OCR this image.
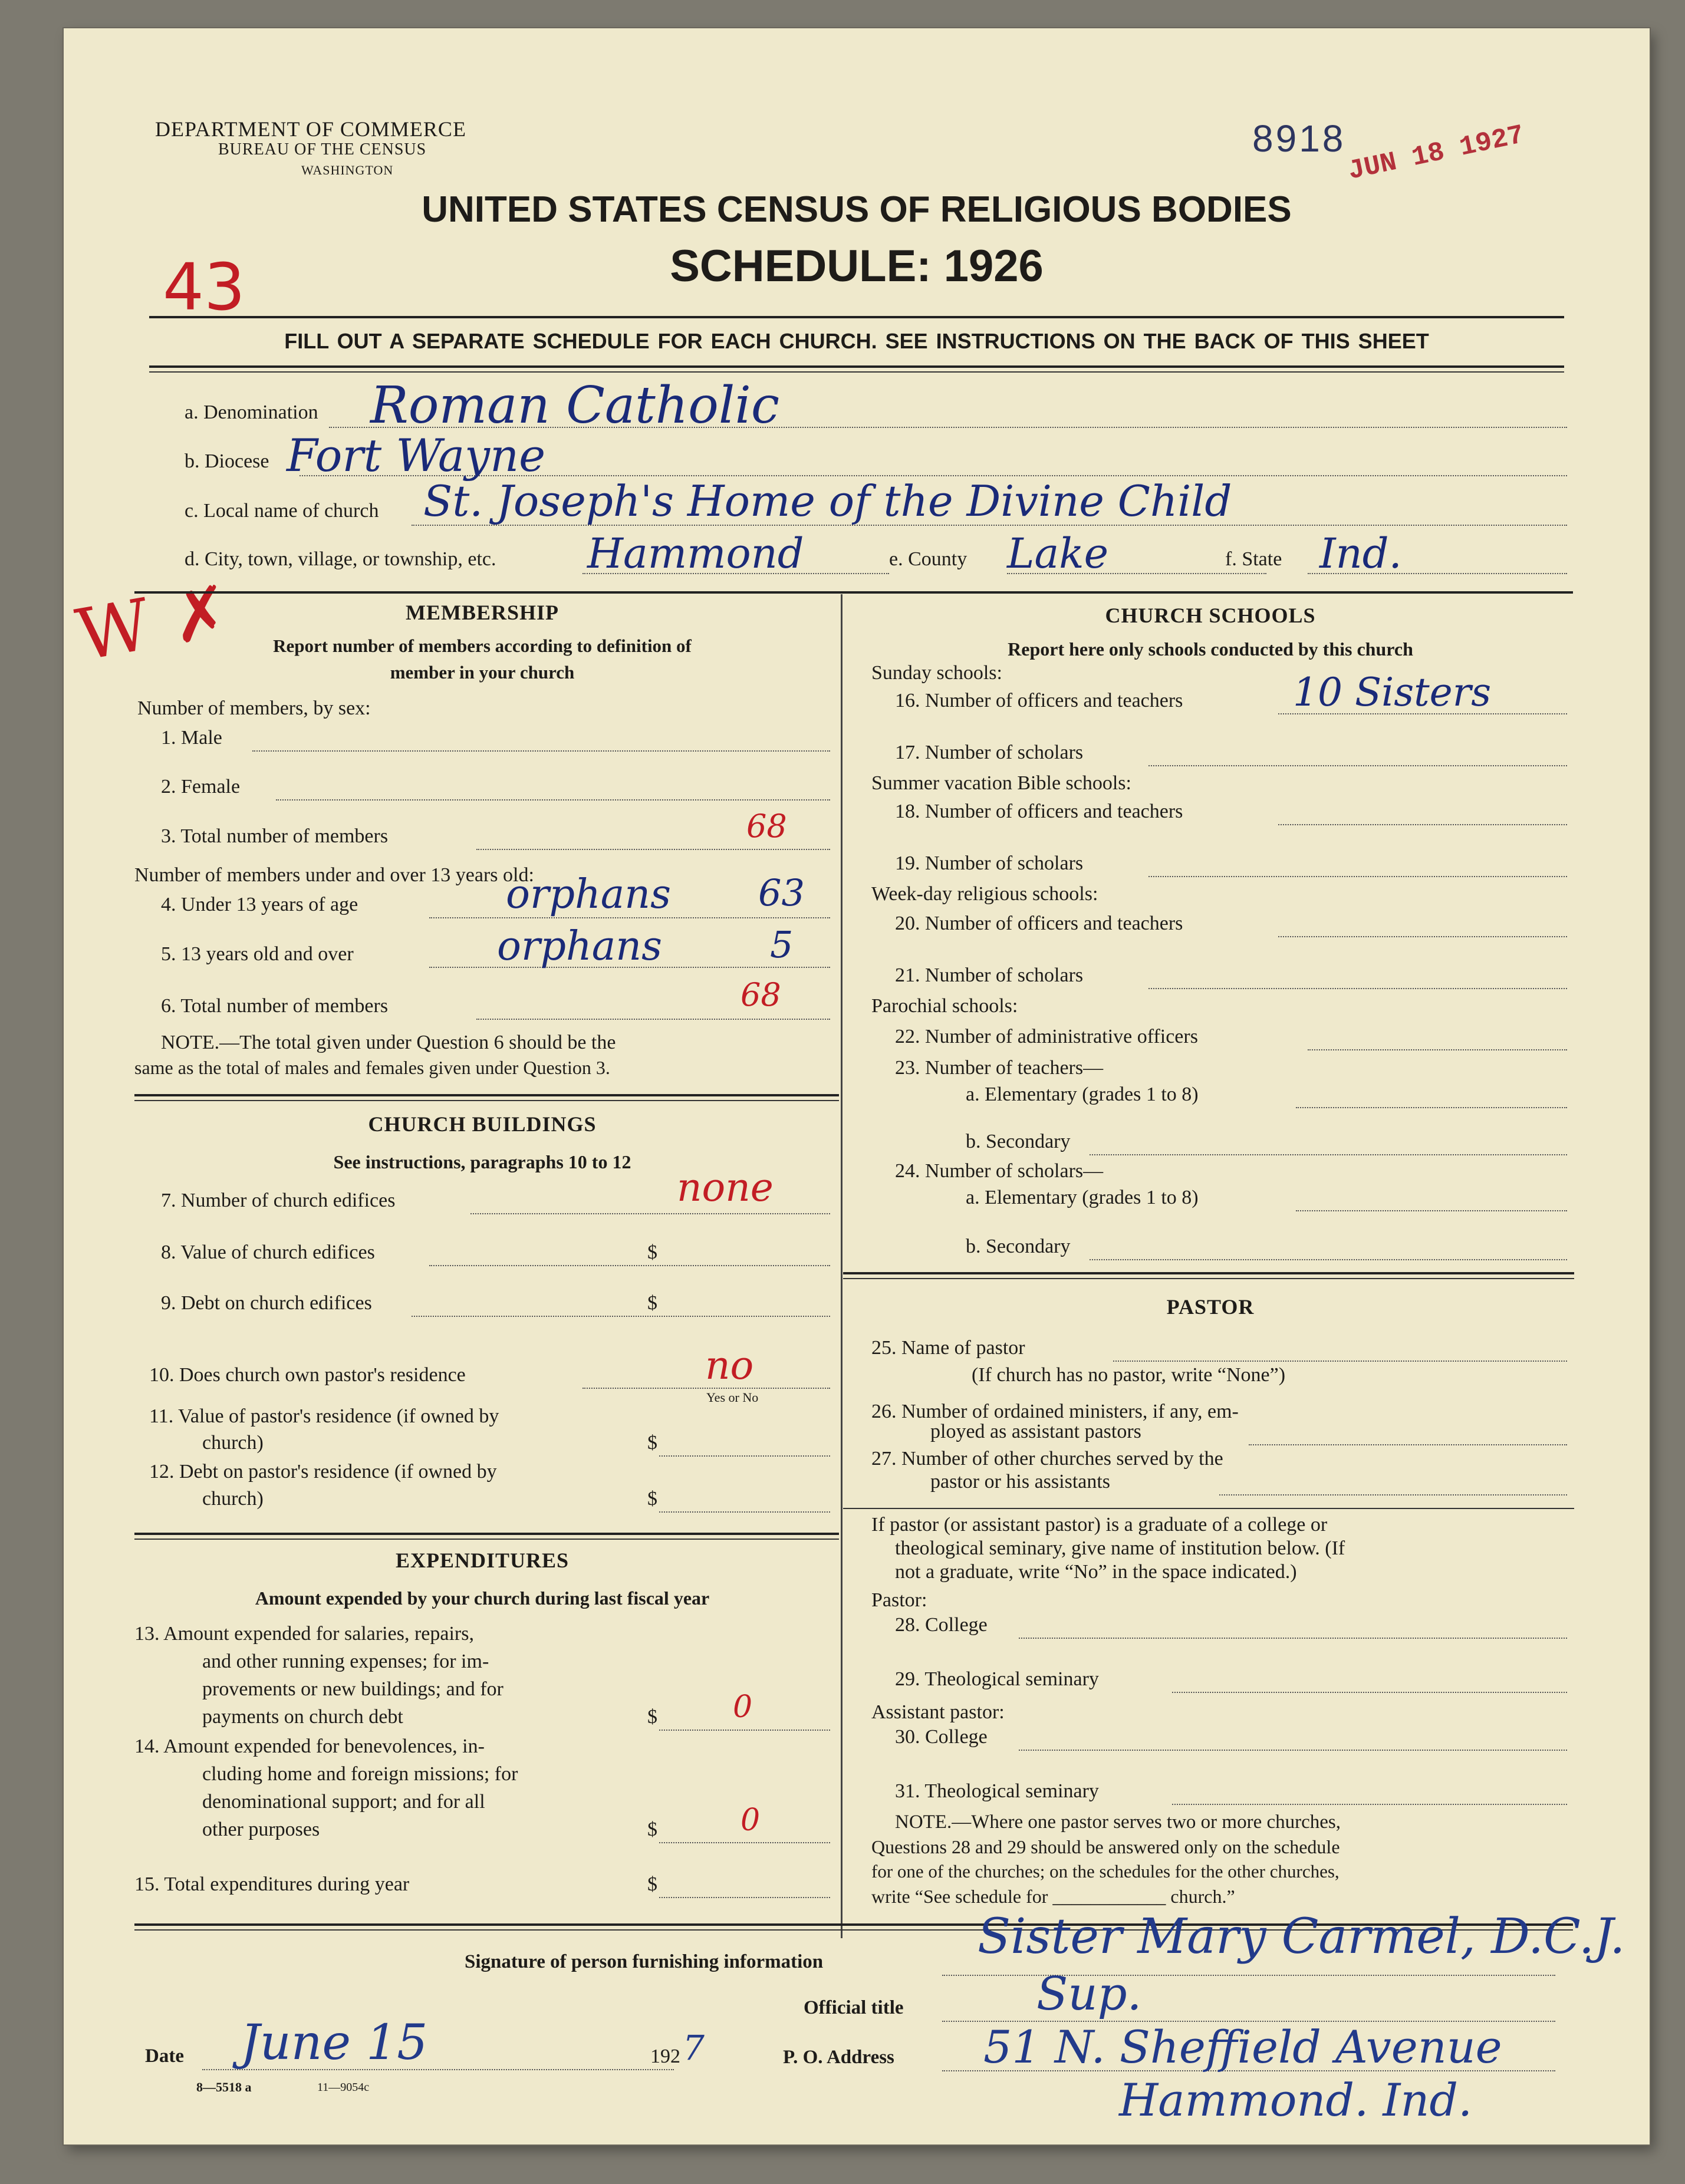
DEPARTMENT OF COMMERCE
BUREAU OF THE CENSUS
WASHINGTON
8918 JUN 18 1927
43
W ✗
UNITED STATES CENSUS OF RELIGIOUS BODIES
SCHEDULE: 1926
FILL OUT A SEPARATE SCHEDULE FOR EACH CHURCH. SEE INSTRUCTIONS ON THE BACK OF THIS SHEET
a. Denomination Roman Catholic
b. Diocese Fort Wayne
c. Local name of church St. Joseph's Home of the Divine Child
d. City, town, village, or township, etc. Hammond	e. County Lake	f. State Ind.
MEMBERSHIP
Report number of members according to definition of
member in your church
Number of members, by sex:
1. Male
2. Female
3. Total number of members	68
Number of members under and over 13 years old:
4. Under 13 years of age	orphans 63
5. 13 years old and over	orphans	5
6. Total number of members	68
NOTE.—The total given under Question 6 should be the
same as the total of males and females given under Question 3.
CHURCH BUILDINGS
See instructions, paragraphs 10 to 12
7. Number of church edifices	none
8. Value of church edifices	$
9. Debt on church edifices	$
10. Does church own pastor's residence	no
Yes or No
11. Value of pastor's residence (if owned by
church)	$
12. Debt on pastor's residence (if owned by
church)	$
EXPENDITURES
Amount expended by your church during last fiscal year
13. Amount expended for salaries, repairs,
and other running expenses; for im-
provements or new buildings; and for
payments on church debt	$ 0
14. Amount expended for benevolences, in-
cluding home and foreign missions; for
denominational support; and for all
other purposes	$	0
15. Total expenditures during year	$
CHURCH SCHOOLS
Report here only schools conducted by this church
Sunday schools:
16. Number of officers and teachers	10 Sisters
17. Number of scholars
Summer vacation Bible schools:
18. Number of officers and teachers
19. Number of scholars
Week-day religious schools:
20. Number of officers and teachers
21. Number of scholars
Parochial schools:
22. Number of administrative officers
23. Number of teachers—
a. Elementary (grades 1 to 8)
b. Secondary
24. Number of scholars—
a. Elementary (grades 1 to 8)
b. Secondary
PASTOR
25. Name of pastor
(If church has no pastor, write “None”)
26. Number of ordained ministers, if any, em-
ployed as assistant pastors
27. Number of other churches served by the
pastor or his assistants
If pastor (or assistant pastor) is a graduate of a college or
theological seminary, give name of institution below. (If
not a graduate, write “No” in the space indicated.)
Pastor:
28. College
29. Theological seminary
Assistant pastor:
30. College
31. Theological seminary
NOTE.—Where one pastor serves two or more churches,
Questions 28 and 29 should be answered only on the schedule
for one of the churches; on the schedules for the other churches,
write “See schedule for ____________ church.”
Signature of person furnishing information	Sister Mary Carmel, D.C.J.
Official title	Sup.
Date June 15	192 7	P. O. Address 51 N. Sheffield Avenue
Hammond. Ind.
8—5518 a	11—9054c
